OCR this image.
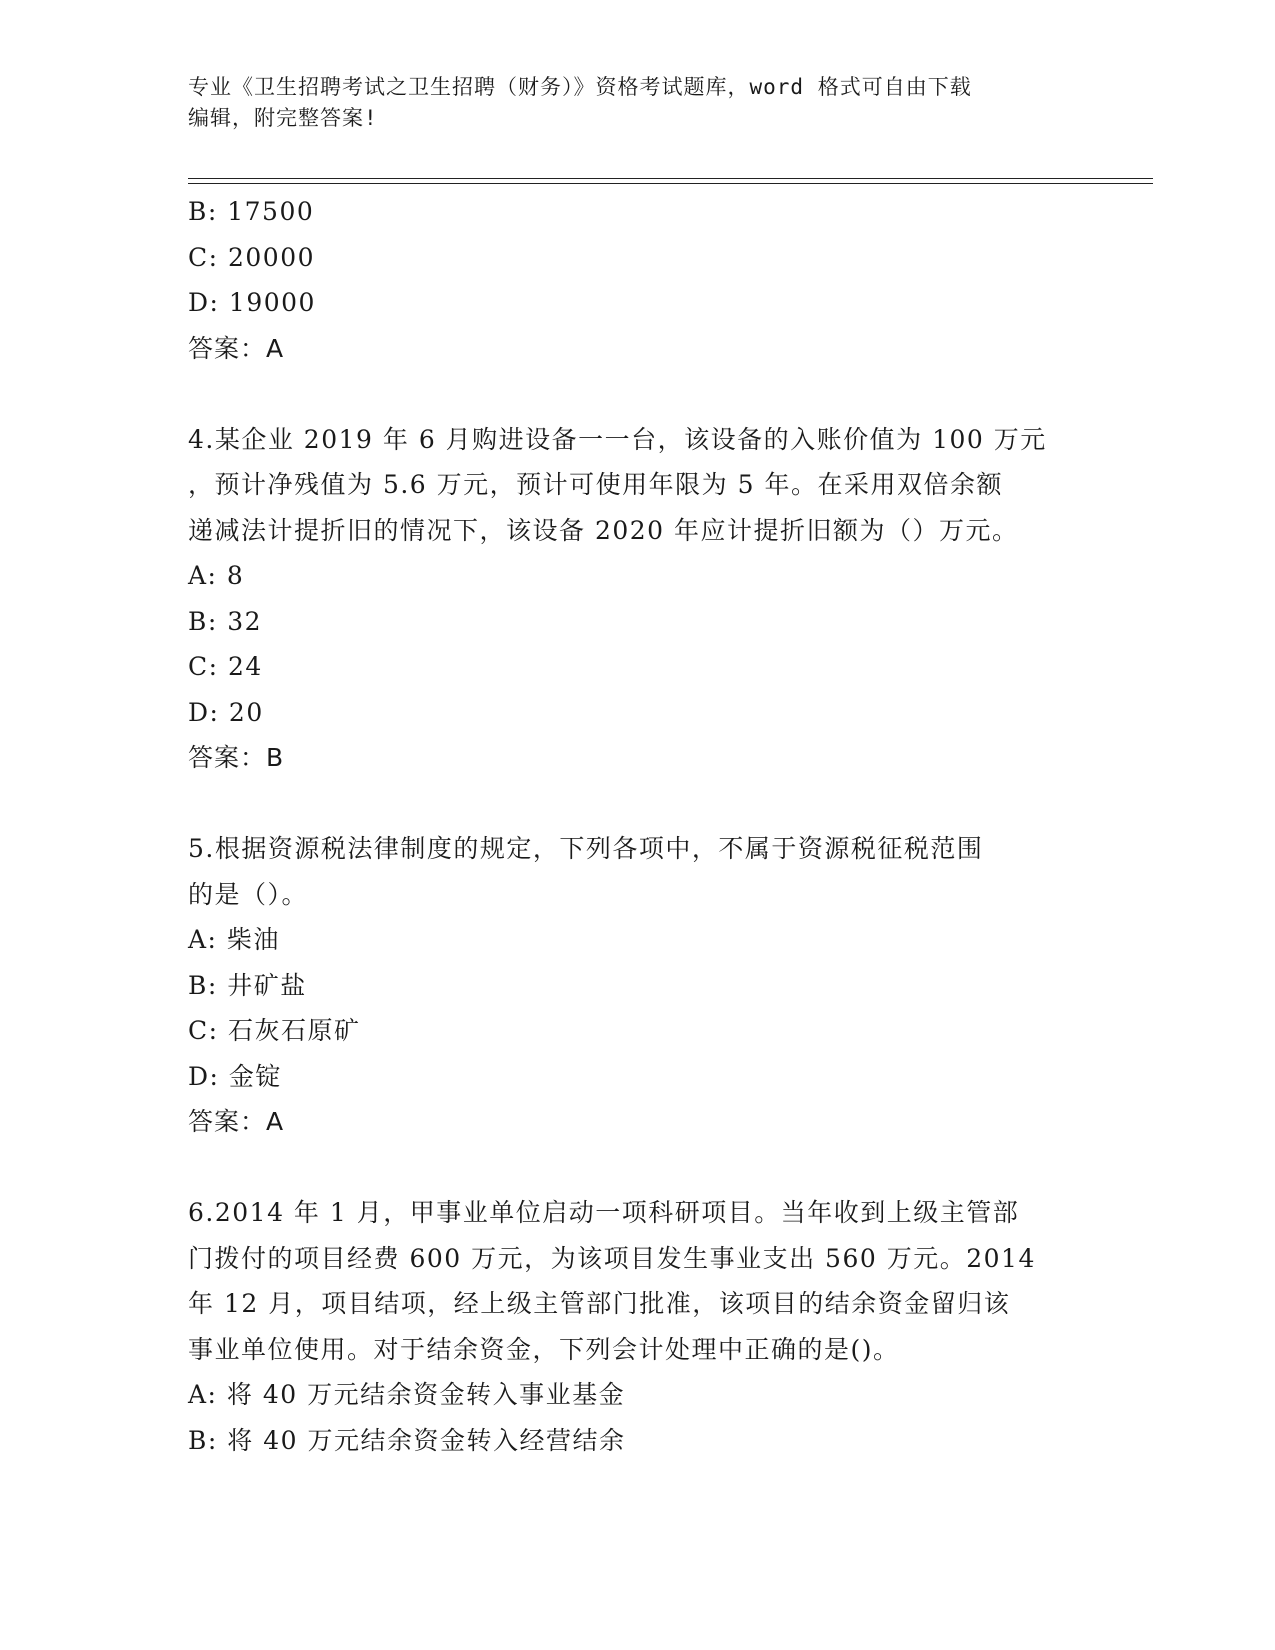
专业《卫生招聘考试之卫生招聘（财务）》资格考试题库，word 格式可自由下载
编辑，附完整答案!
B: 17500
C: 20000
D: 19000
答案：A
4.某企业 2019 年 6 月购进设备一一台，该设备的入账价值为 100 万元
，预计净残值为 5.6 万元，预计可使用年限为 5 年。在采用双倍余额
递减法计提折旧的情况下，该设备 2020 年应计提折旧额为（）万元。
A: 8
B: 32
C: 24
D: 20
答案：B
5.根据资源税法律制度的规定，下列各项中，不属于资源税征税范围
的是（）。
A: 柴油
B: 井矿盐
C: 石灰石原矿
D: 金锭
答案：A
6.2014 年 1 月，甲事业单位启动一项科研项目。当年收到上级主管部
门拨付的项目经费 600 万元，为该项目发生事业支出 560 万元。2014
年 12 月，项目结项，经上级主管部门批准，该项目的结余资金留归该
事业单位使用。对于结余资金，下列会计处理中正确的是()。
A: 将 40 万元结余资金转入事业基金
B: 将 40 万元结余资金转入经营结余
